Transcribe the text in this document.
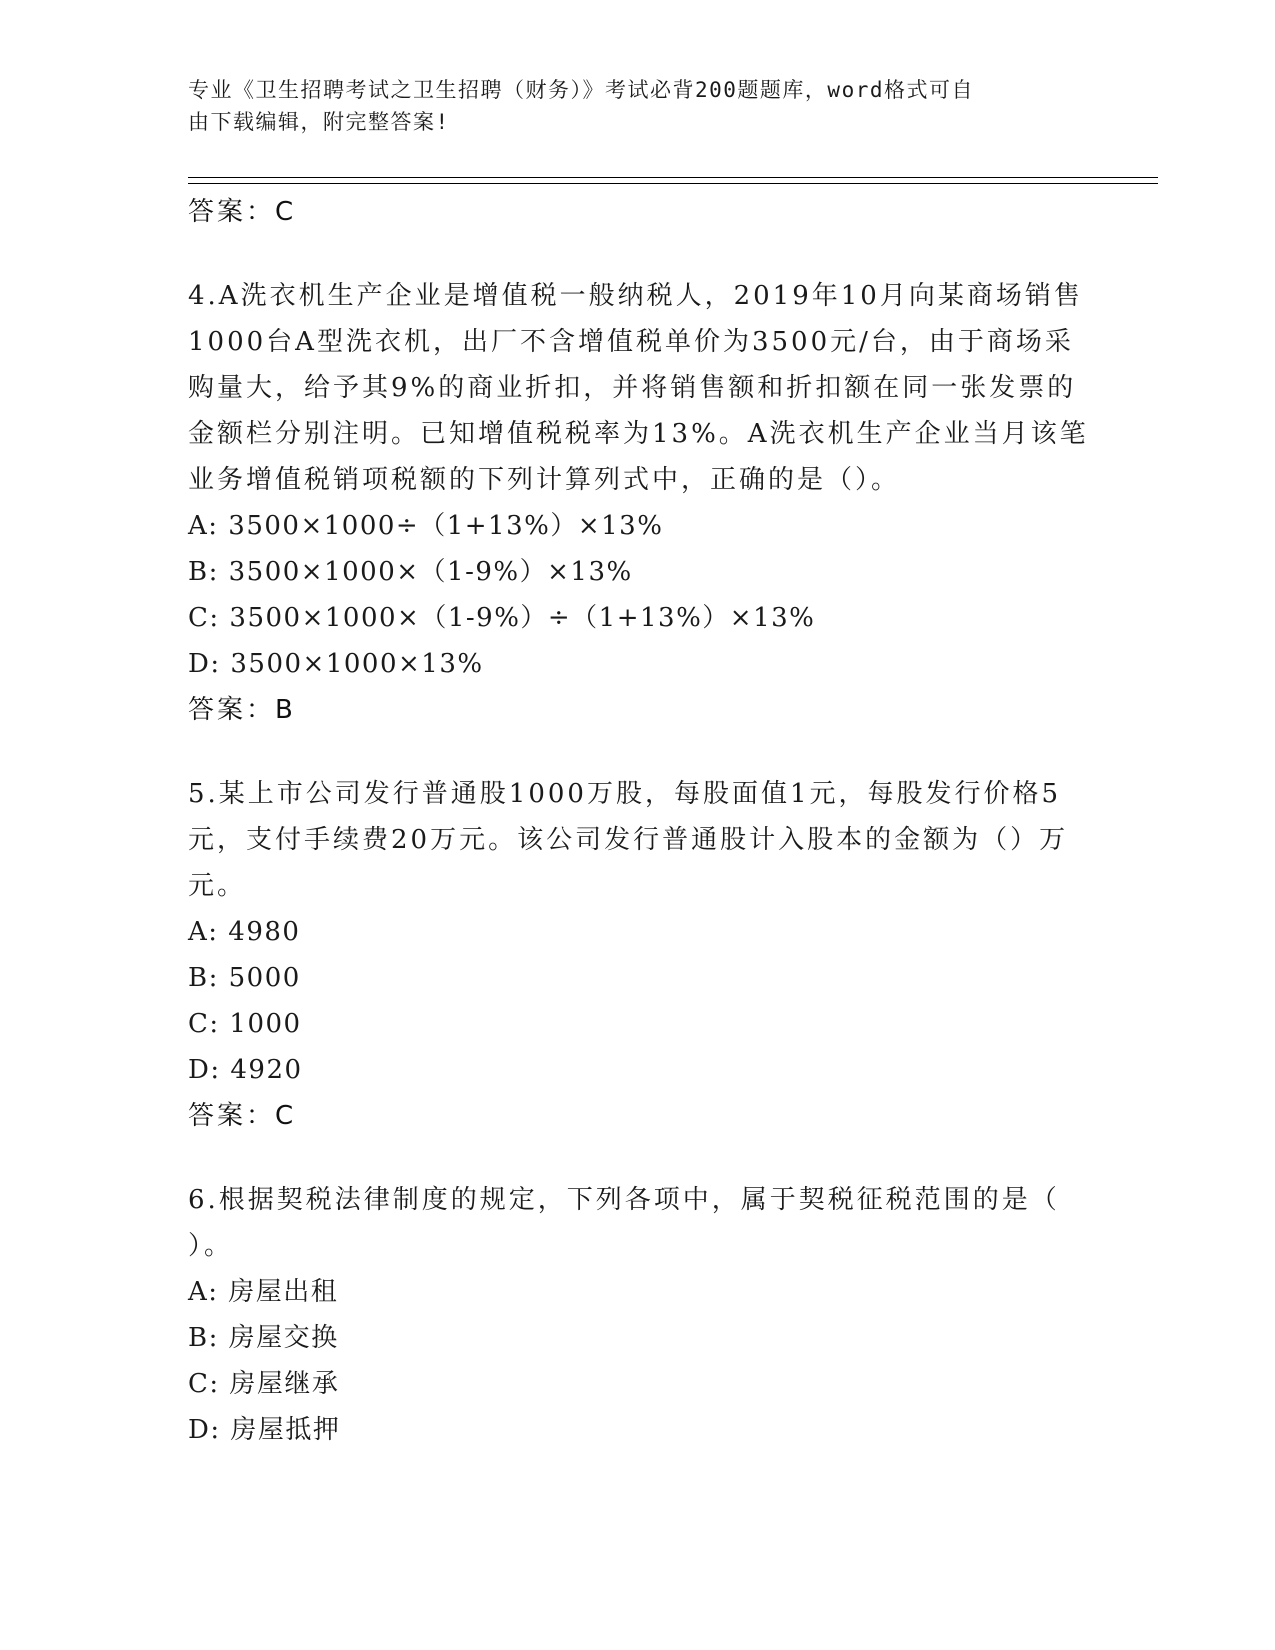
专业《卫生招聘考试之卫生招聘（财务）》考试必背200题题库，word格式可自
由下载编辑，附完整答案!

答案：C

4.A洗衣机生产企业是增值税一般纳税人，2019年10月向某商场销售

1000台A型洗衣机，出厂不含增值税单价为3500元/台，由于商场采

购量大，给予其9%的商业折扣，并将销售额和折扣额在同一张发票的

金额栏分别注明。已知增值税税率为13%。A洗衣机生产企业当月该笔

业务增值税销项税额的下列计算列式中，正确的是（）。

A: 3500×1000÷（1+13%）×13%

B: 3500×1000×（1-9%）×13%

C: 3500×1000×（1-9%）÷（1+13%）×13%

D: 3500×1000×13%

答案：B

5.某上市公司发行普通股1000万股，每股面值1元，每股发行价格5

元，支付手续费20万元。该公司发行普通股计入股本的金额为（）万

元。

A: 4980

B: 5000

C: 1000

D: 4920

答案：C

6.根据契税法律制度的规定，下列各项中，属于契税征税范围的是（

）。

A: 房屋出租

B: 房屋交换

C: 房屋继承

D: 房屋抵押
